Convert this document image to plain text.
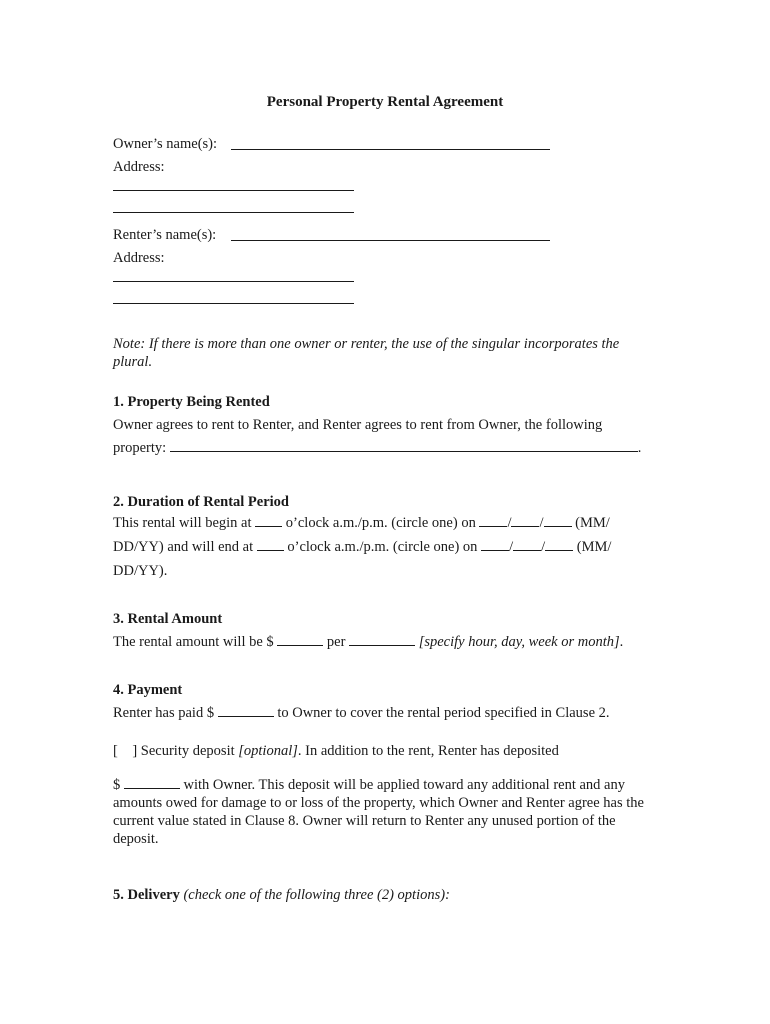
Personal Property Rental Agreement
Owner’s name(s):
Address:
Renter’s name(s):
Address:
Note: If there is more than one owner or renter, the use of the singular incorporates the plural.
1. Property Being Rented
Owner agrees to rent to Renter, and Renter agrees to rent from Owner, the following
property:	.
2. Duration of Rental Period
This rental will begin at o’clock a.m./p.m. (circle one) on / / (MM/
DD/YY) and will end at o’clock a.m./p.m. (circle one) on / / (MM/
DD/YY).
3. Rental Amount
The rental amount will be $	per	[specify hour, day, week or month].
4. Payment
Renter has paid $	to Owner to cover the rental period specified in Clause 2.
[    ] Security deposit [optional]. In addition to the rent, Renter has deposited
$	with Owner. This deposit will be applied toward any additional rent and any amounts owed for damage to or loss of the property, which Owner and Renter agree has the current value stated in Clause 8. Owner will return to Renter any unused portion of the deposit.
5. Delivery (check one of the following three (2) options):
